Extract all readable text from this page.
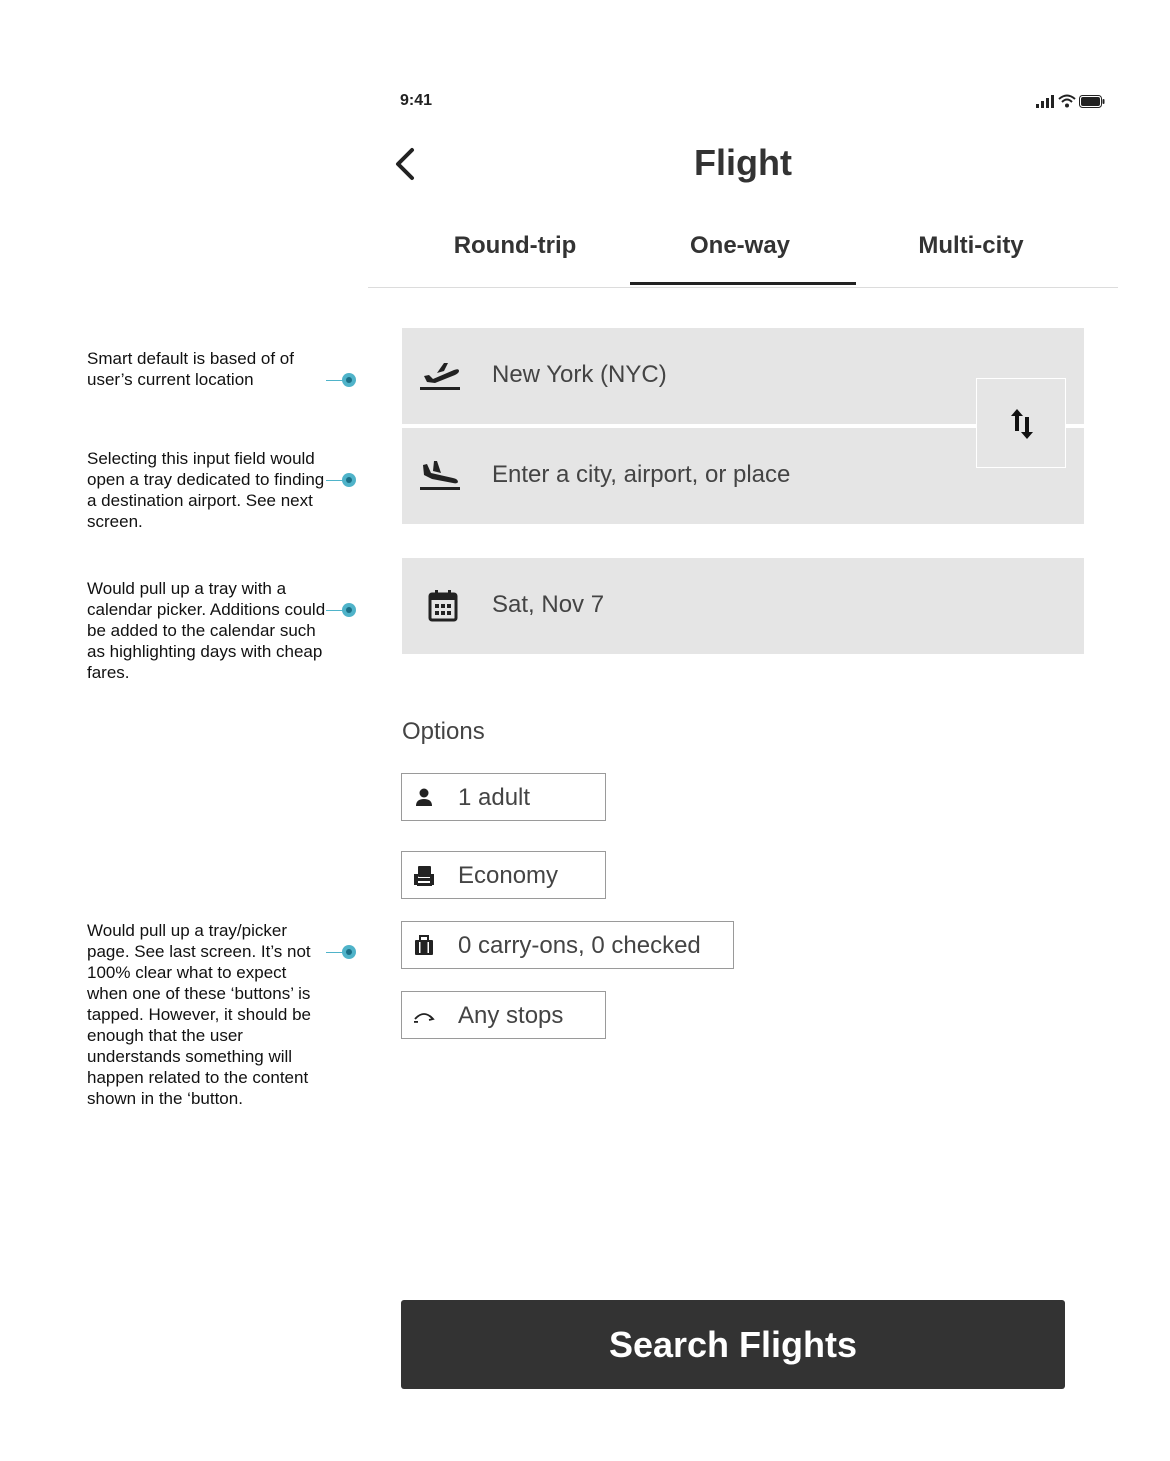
Smart default is based of of user’s current location
Selecting this input field would open a tray dedicated to finding a destination airport. See next screen.
Would pull up a tray with a calendar picker. Additions could be added to the calendar such as highlighting days with cheap fares.
Would pull up a tray/picker page. See last screen. It’s not 100% clear what to expect when one of these ‘buttons’ is tapped. However, it should be enough that the user understands something will happen related to the content shown in the ‘button.
9:41
Flight
Round-trip	One-way	Multi-city
New York (NYC)
Enter a city, airport, or place
Sat, Nov 7
Options
1 adult
Economy
0 carry-ons, 0 checked
Any stops
Search Flights
